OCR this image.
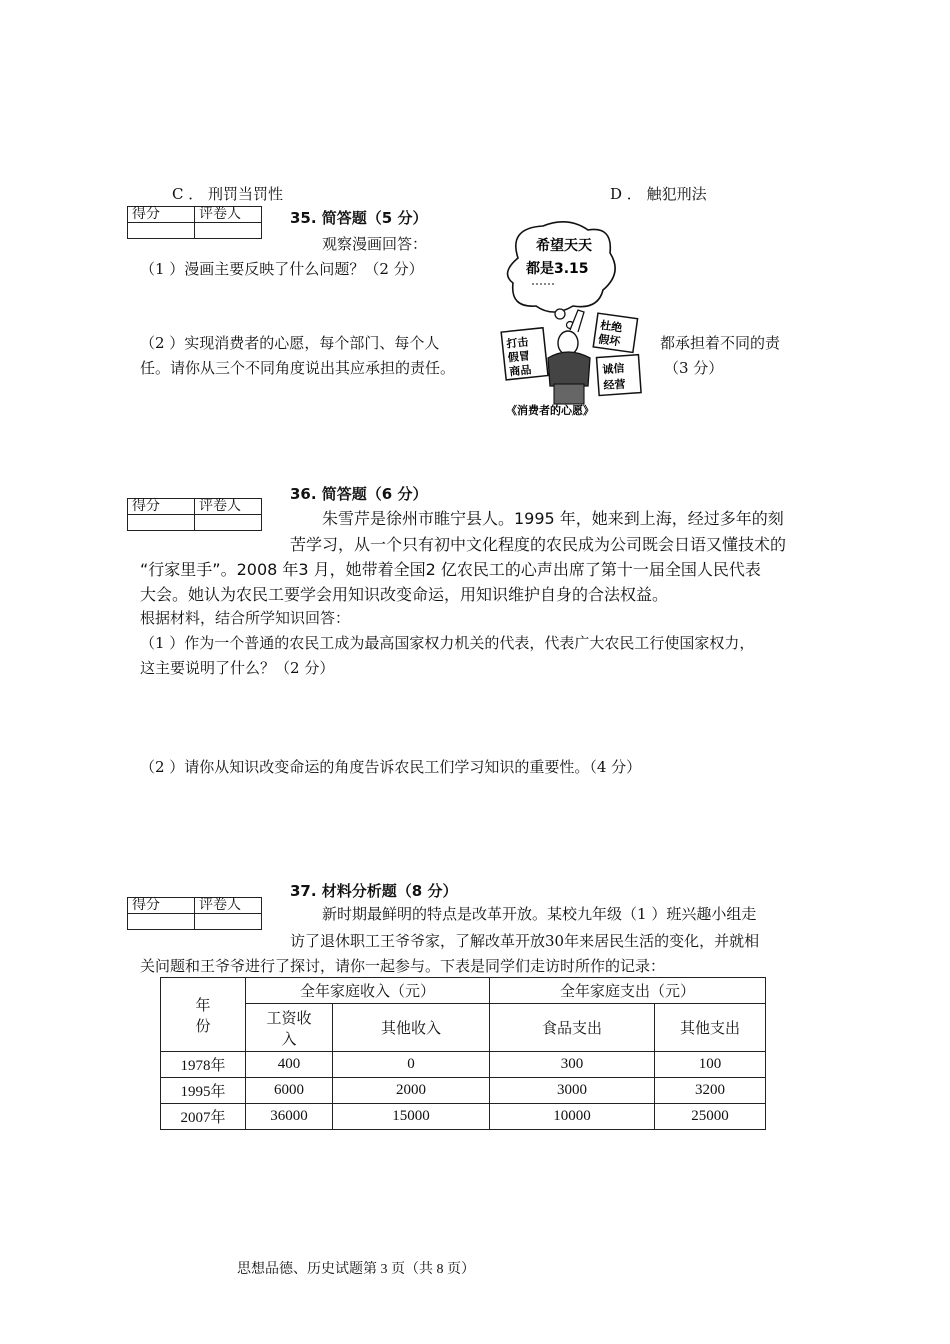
C ． 刑罚当罚性	D ． 触犯刑法
得分	评卷人
		35. 简答题（5 分）
观察漫画回答：
（1 ）漫画主要反映了什么问题？（2 分）
（2 ）实现消费者的心愿，每个部门、每个人	都承担着不同的责
任。请你从三个不同角度说出其应承担的责任。	（3 分）
希望天天
都是3.15
打击
假冒
商品
杜绝
假坏
诚信
经营
《消费者的心愿》
得分	评卷人

36. 简答题（6 分）
朱雪芹是徐州市睢宁县人。1995 年，她来到上海，经过多年的刻
苦学习，从一个只有初中文化程度的农民成为公司既会日语又懂技术的
“行家里手”。2008 年3 月，她带着全国2 亿农民工的心声出席了第十一届全国人民代表
大会。她认为农民工要学会用知识改变命运，用知识维护自身的合法权益。
根据材料，结合所学知识回答：
（1 ）作为一个普通的农民工成为最高国家权力机关的代表，代表广大农民工行使国家权力，
这主要说明了什么？（2 分）
（2 ）请你从知识改变命运的角度告诉农民工们学习知识的重要性。（4 分）
得分	评卷人

37. 材料分析题（8 分）
新时期最鲜明的特点是改革开放。某校九年级（1 ）班兴趣小组走
访了退休职工王爷爷家，了解改革开放30年来居民生活的变化，并就相
关问题和王爷爷进行了探讨，请你一起参与。下表是同学们走访时所作的记录：
年
份	全年家庭收入（元）		全年家庭支出（元）	

	工资收
入	其他收入	食品支出	其他支出
1978年	400	0	300	100
1995年	6000	2000	3000	3200
2007年	36000	15000	10000	25000
思想品德、历史试题第 3 页（共 8 页）
